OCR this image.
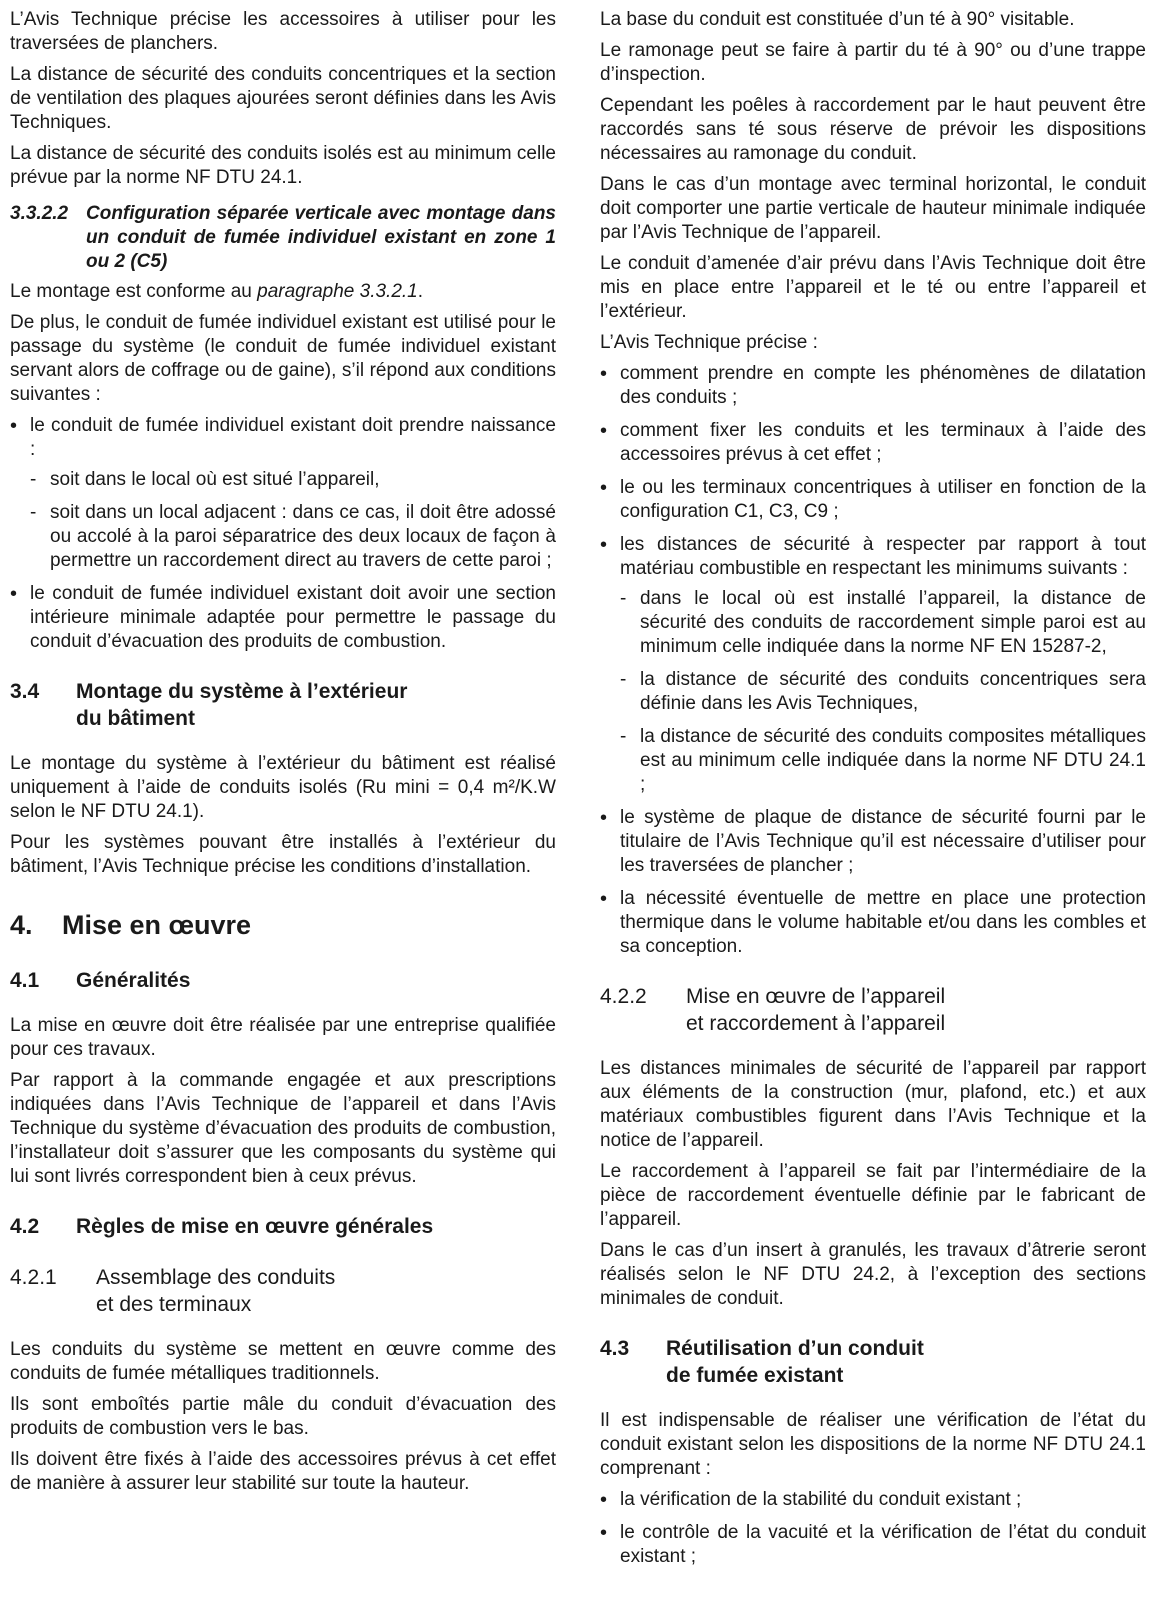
L’Avis Technique précise les accessoires à utiliser pour les traversées de planchers.

La distance de sécurité des conduits concentriques et la section de ventilation des plaques ajourées seront définies dans les Avis Techniques.

La distance de sécurité des conduits isolés est au minimum celle prévue par la norme NF DTU 24.1.

3.3.2.2 Configuration séparée verticale avec montage dans un conduit de fumée individuel existant en zone 1 ou 2 (C5)

Le montage est conforme au paragraphe 3.3.2.1.

De plus, le conduit de fumée individuel existant est utilisé pour le passage du système (le conduit de fumée individuel existant servant alors de coffrage ou de gaine), s’il répond aux conditions suivantes :

• le conduit de fumée individuel existant doit prendre naissance :
- soit dans le local où est situé l’appareil,
- soit dans un local adjacent : dans ce cas, il doit être adossé ou accolé à la paroi séparatrice des deux locaux de façon à permettre un raccordement direct au travers de cette paroi ;
• le conduit de fumée individuel existant doit avoir une section intérieure minimale adaptée pour permettre le passage du conduit d’évacuation des produits de combustion.
3.4	Montage du système à l’extérieur
du bâtiment

Le montage du système à l’extérieur du bâtiment est réalisé uniquement à l’aide de conduits isolés (Ru mini = 0,4 m²/K.W selon le NF DTU 24.1).

Pour les systèmes pouvant être installés à l’extérieur du bâtiment, l’Avis Technique précise les conditions d’installation.

4.	Mise en œuvre
4.1	Généralités

La mise en œuvre doit être réalisée par une entreprise qualifiée pour ces travaux.

Par rapport à la commande engagée et aux prescriptions indiquées dans l’Avis Technique de l’appareil et dans l’Avis Technique du système d’évacuation des produits de combustion, l’installateur doit s’assurer que les composants du système qui lui sont livrés correspondent bien à ceux prévus.

4.2	Règles de mise en œuvre générales
4.2.1	Assemblage des conduits
et des terminaux

Les conduits du système se mettent en œuvre comme des conduits de fumée métalliques traditionnels.

Ils sont emboîtés partie mâle du conduit d’évacuation des produits de combustion vers le bas.

Ils doivent être fixés à l’aide des accessoires prévus à cet effet de manière à assurer leur stabilité sur toute la hauteur.

La base du conduit est constituée d’un té à 90° visitable.

Le ramonage peut se faire à partir du té à 90° ou d’une trappe d’inspection.

Cependant les poêles à raccordement par le haut peuvent être raccordés sans té sous réserve de prévoir les dispositions nécessaires au ramonage du conduit.

Dans le cas d’un montage avec terminal horizontal, le conduit doit comporter une partie verticale de hauteur minimale indiquée par l’Avis Technique de l’appareil.

Le conduit d’amenée d’air prévu dans l’Avis Technique doit être mis en place entre l’appareil et le té ou entre l’appareil et l’extérieur.

L’Avis Technique précise :

• comment prendre en compte les phénomènes de dilatation des conduits ;
• comment fixer les conduits et les terminaux à l’aide des accessoires prévus à cet effet ;
• le ou les terminaux concentriques à utiliser en fonction de la configuration C1, C3, C9 ;
• les distances de sécurité à respecter par rapport à tout matériau combustible en respectant les minimums suivants :
- dans le local où est installé l’appareil, la distance de sécurité des conduits de raccordement simple paroi est au minimum celle indiquée dans la norme NF EN 15287-2,
- la distance de sécurité des conduits concentriques sera définie dans les Avis Techniques,
- la distance de sécurité des conduits composites métalliques est au minimum celle indiquée dans la norme NF DTU 24.1 ;
• le système de plaque de distance de sécurité fourni par le titulaire de l’Avis Technique qu’il est nécessaire d’utiliser pour les traversées de plancher ;
• la nécessité éventuelle de mettre en place une protection thermique dans le volume habitable et/ou dans les combles et sa conception.
4.2.2	Mise en œuvre de l’appareil
et raccordement à l’appareil

Les distances minimales de sécurité de l’appareil par rapport aux éléments de la construction (mur, plafond, etc.) et aux matériaux combustibles figurent dans l’Avis Technique et la notice de l’appareil.

Le raccordement à l’appareil se fait par l’intermédiaire de la pièce de raccordement éventuelle définie par le fabricant de l’appareil.

Dans le cas d’un insert à granulés, les travaux d’âtrerie seront réalisés selon le NF DTU 24.2, à l’exception des sections minimales de conduit.

4.3	Réutilisation d’un conduit
de fumée existant

Il est indispensable de réaliser une vérification de l’état du conduit existant selon les dispositions de la norme NF DTU 24.1 comprenant :

• la vérification de la stabilité du conduit existant ;
• le contrôle de la vacuité et la vérification de l’état du conduit existant ;
